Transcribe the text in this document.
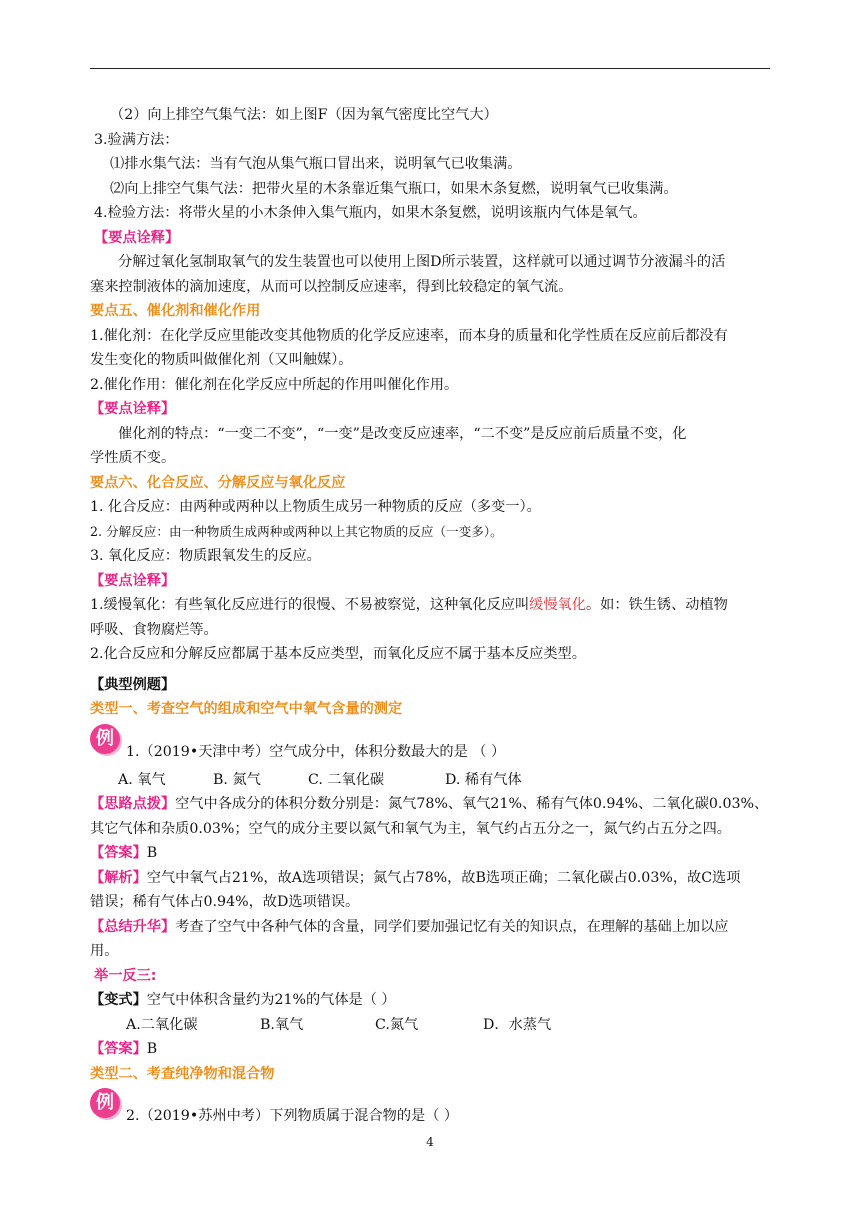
（2）向上排空气集气法：如上图F（因为氧气密度比空气大）
3.验满方法：
⑴排水集气法：当有气泡从集气瓶口冒出来，说明氧气已收集满。
⑵向上排空气集气法：把带火星的木条靠近集气瓶口，如果木条复燃，说明氧气已收集满。
4.检验方法：将带火星的小木条伸入集气瓶内，如果木条复燃，说明该瓶内气体是氧气。
【要点诠释】
分解过氧化氢制取氧气的发生装置也可以使用上图D所示装置，这样就可以通过调节分液漏斗的活
塞来控制液体的滴加速度，从而可以控制反应速率，得到比较稳定的氧气流。
要点五、催化剂和催化作用
1.催化剂：在化学反应里能改变其他物质的化学反应速率，而本身的质量和化学性质在反应前后都没有
发生变化的物质叫做催化剂（又叫触媒）。
2.催化作用：催化剂在化学反应中所起的作用叫催化作用。
【要点诠释】
催化剂的特点：“一变二不变”，“一变”是改变反应速率，“二不变”是反应前后质量不变，化
学性质不变。
要点六、化合反应、分解反应与氧化反应
1. 化合反应：由两种或两种以上物质生成另一种物质的反应（多变一）。
2. 分解反应：由一种物质生成两种或两种以上其它物质的反应（一变多）。
3. 氧化反应：物质跟氧发生的反应。
【要点诠释】
1.缓慢氧化：有些氧化反应进行的很慢、不易被察觉，这种氧化反应叫缓慢氧化。如：铁生锈、动植物
呼吸、食物腐烂等。
2.化合反应和分解反应都属于基本反应类型，而氧化反应不属于基本反应类型。
【典型例题】
类型一、考查空气的组成和空气中氧气含量的测定
例
1.（2019•天津中考）空气成分中，体积分数最大的是 （ ）
A. 氧气	B. 氮气	C. 二氧化碳	D. 稀有气体
【思路点拨】空气中各成分的体积分数分别是：氮气78%、氧气21%、稀有气体0.94%、二氧化碳0.03%、
其它气体和杂质0.03%；空气的成分主要以氮气和氧气为主，氧气约占五分之一，氮气约占五分之四。
【答案】B
【解析】空气中氧气占21%，故A选项错误；氮气占78%，故B选项正确；二氧化碳占0.03%，故C选项
错误；稀有气体占0.94%，故D选项错误。
【总结升华】考查了空气中各种气体的含量，同学们要加强记忆有关的知识点，在理解的基础上加以应
用。
举一反三:
【变式】空气中体积含量约为21%的气体是（ ）
A.二氧化碳	B.氧气	C.氮气	D．水蒸气
【答案】B
类型二、考查纯净物和混合物
例
2.（2019•苏州中考）下列物质属于混合物的是（ ）
4
